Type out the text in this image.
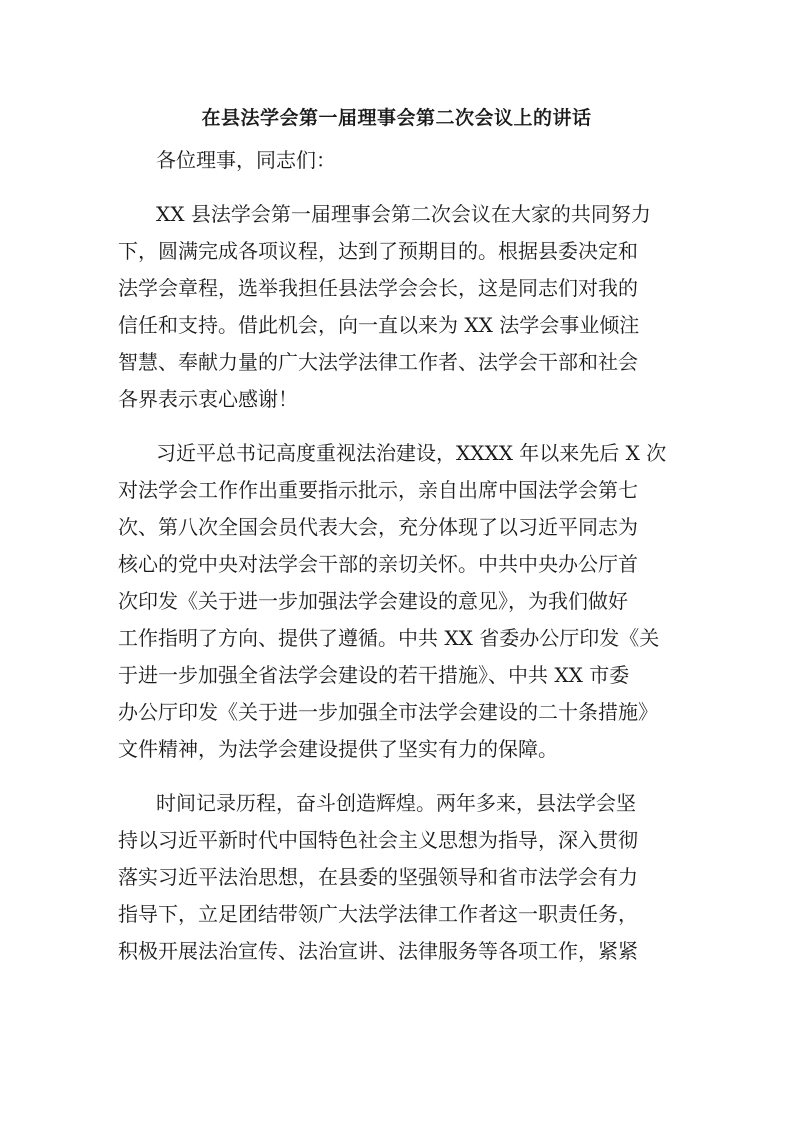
在县法学会第一届理事会第二次会议上的讲话
各位理事，同志们：
XX 县法学会第一届理事会第二次会议在大家的共同努力
下，圆满完成各项议程，达到了预期目的。根据县委决定和
法学会章程，选举我担任县法学会会长，这是同志们对我的
信任和支持。借此机会，向一直以来为 XX 法学会事业倾注
智慧、奉献力量的广大法学法律工作者、法学会干部和社会
各界表示衷心感谢！
习近平总书记高度重视法治建设，XXXX 年以来先后 X 次
对法学会工作作出重要指示批示，亲自出席中国法学会第七
次、第八次全国会员代表大会，充分体现了以习近平同志为
核心的党中央对法学会干部的亲切关怀。中共中央办公厅首
次印发《关于进一步加强法学会建设的意见》，为我们做好
工作指明了方向、提供了遵循。中共 XX 省委办公厅印发《关
于进一步加强全省法学会建设的若干措施》、中共 XX 市委
办公厅印发《关于进一步加强全市法学会建设的二十条措施》
文件精神，为法学会建设提供了坚实有力的保障。
时间记录历程，奋斗创造辉煌。两年多来，县法学会坚
持以习近平新时代中国特色社会主义思想为指导，深入贯彻
落实习近平法治思想，在县委的坚强领导和省市法学会有力
指导下，立足团结带领广大法学法律工作者这一职责任务，
积极开展法治宣传、法治宣讲、法律服务等各项工作，紧紧
